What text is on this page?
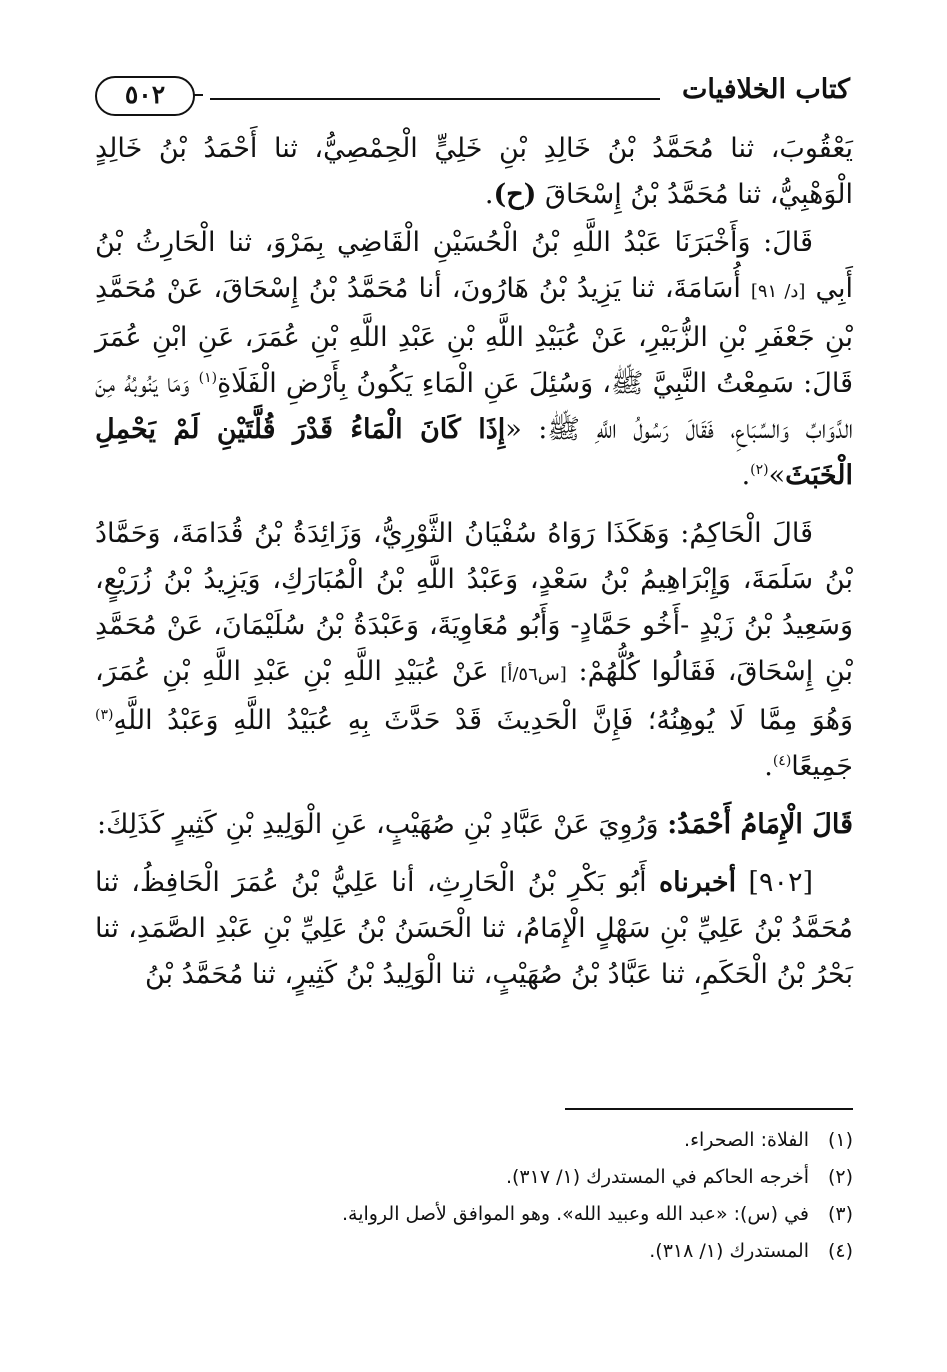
كتاب الخلافيات
٥٠٢

يَعْقُوبَ، ثنا مُحَمَّدُ بْنُ خَالِدِ بْنِ خَلِيٍّ الْحِمْصِيُّ، ثنا أَحْمَدُ بْنُ خَالِدٍ الْوَهْبِيُّ، ثنا مُحَمَّدُ بْنُ إِسْحَاقَ (ح).

قَالَ: وَأَخْبَرَنَا عَبْدُ اللَّهِ بْنُ الْحُسَيْنِ الْقَاضِي بِمَرْوَ، ثنا الْحَارِثُ بْنُ أَبِي [د/ ٩١] أُسَامَةَ، ثنا يَزِيدُ بْنُ هَارُونَ، أنا مُحَمَّدُ بْنُ إِسْحَاقَ، عَنْ مُحَمَّدِ بْنِ جَعْفَرِ بْنِ الزُّبَيْرِ، عَنْ عُبَيْدِ اللَّهِ بْنِ عَبْدِ اللَّهِ بْنِ عُمَرَ، عَنِ ابْنِ عُمَرَ قَالَ: سَمِعْتُ النَّبِيَّ ﷺ، وَسُئِلَ عَنِ الْمَاءِ يَكُونُ بِأَرْضِ الْفَلَاةِ$^{(١)}$ وَمَا يَنُوبُهُ مِنَ الدَّوَابِّ وَالسِّبَاعِ، فَقَالَ رَسُولُ اللَّهِ ﷺ: «إِذَا كَانَ الْمَاءُ قَدْرَ قُلَّتَيْنِ لَمْ يَحْمِلِ الْخَبَثَ»$^{(٢)}$.

قَالَ الْحَاكِمُ: وَهَكَذَا رَوَاهُ سُفْيَانُ الثَّوْرِيُّ، وَزَائِدَةُ بْنُ قُدَامَةَ، وَحَمَّادُ بْنُ سَلَمَةَ، وَإِبْرَاهِيمُ بْنُ سَعْدٍ، وَعَبْدُ اللَّهِ بْنُ الْمُبَارَكِ، وَيَزِيدُ بْنُ زُرَيْعٍ، وَسَعِيدُ بْنُ زَيْدٍ -أَخُو حَمَّادٍ- وَأَبُو مُعَاوِيَةَ، وَعَبْدَةُ بْنُ سُلَيْمَانَ، عَنْ مُحَمَّدِ بْنِ إِسْحَاقَ، فَقَالُوا كُلُّهُمْ: [س٥٦/أ] عَنْ عُبَيْدِ اللَّهِ بْنِ عَبْدِ اللَّهِ بْنِ عُمَرَ، وَهُوَ مِمَّا لَا يُوهِنُهُ؛ فَإِنَّ الْحَدِيثَ قَدْ حَدَّثَ بِهِ عُبَيْدُ اللَّهِ وَعَبْدُ اللَّهِ$^{(٣)}$ جَمِيعًا$^{(٤)}$.

قَالَ الْإِمَامُ أَحْمَدُ: وَرُوِيَ عَنْ عَبَّادِ بْنِ صُهَيْبٍ، عَنِ الْوَلِيدِ بْنِ كَثِيرٍ كَذَلِكَ:

[٩٠٢] أخبرناه أَبُو بَكْرِ بْنُ الْحَارِثِ، أنا عَلِيُّ بْنُ عُمَرَ الْحَافِظُ، ثنا مُحَمَّدُ بْنُ عَلِيِّ بْنِ سَهْلٍ الْإِمَامُ، ثنا الْحَسَنُ بْنُ عَلِيِّ بْنِ عَبْدِ الصَّمَدِ، ثنا بَحْرُ بْنُ الْحَكَمِ، ثنا عَبَّادُ بْنُ صُهَيْبٍ، ثنا الْوَلِيدُ بْنُ كَثِيرٍ، ثنا مُحَمَّدُ بْنُ

(١)الفلاة: الصحراء.

(٢)أخرجه الحاكم في المستدرك (١/ ٣١٧).

(٣)في (س): «عبد الله وعبيد الله». وهو الموافق لأصل الرواية.

(٤)المستدرك (١/ ٣١٨).
